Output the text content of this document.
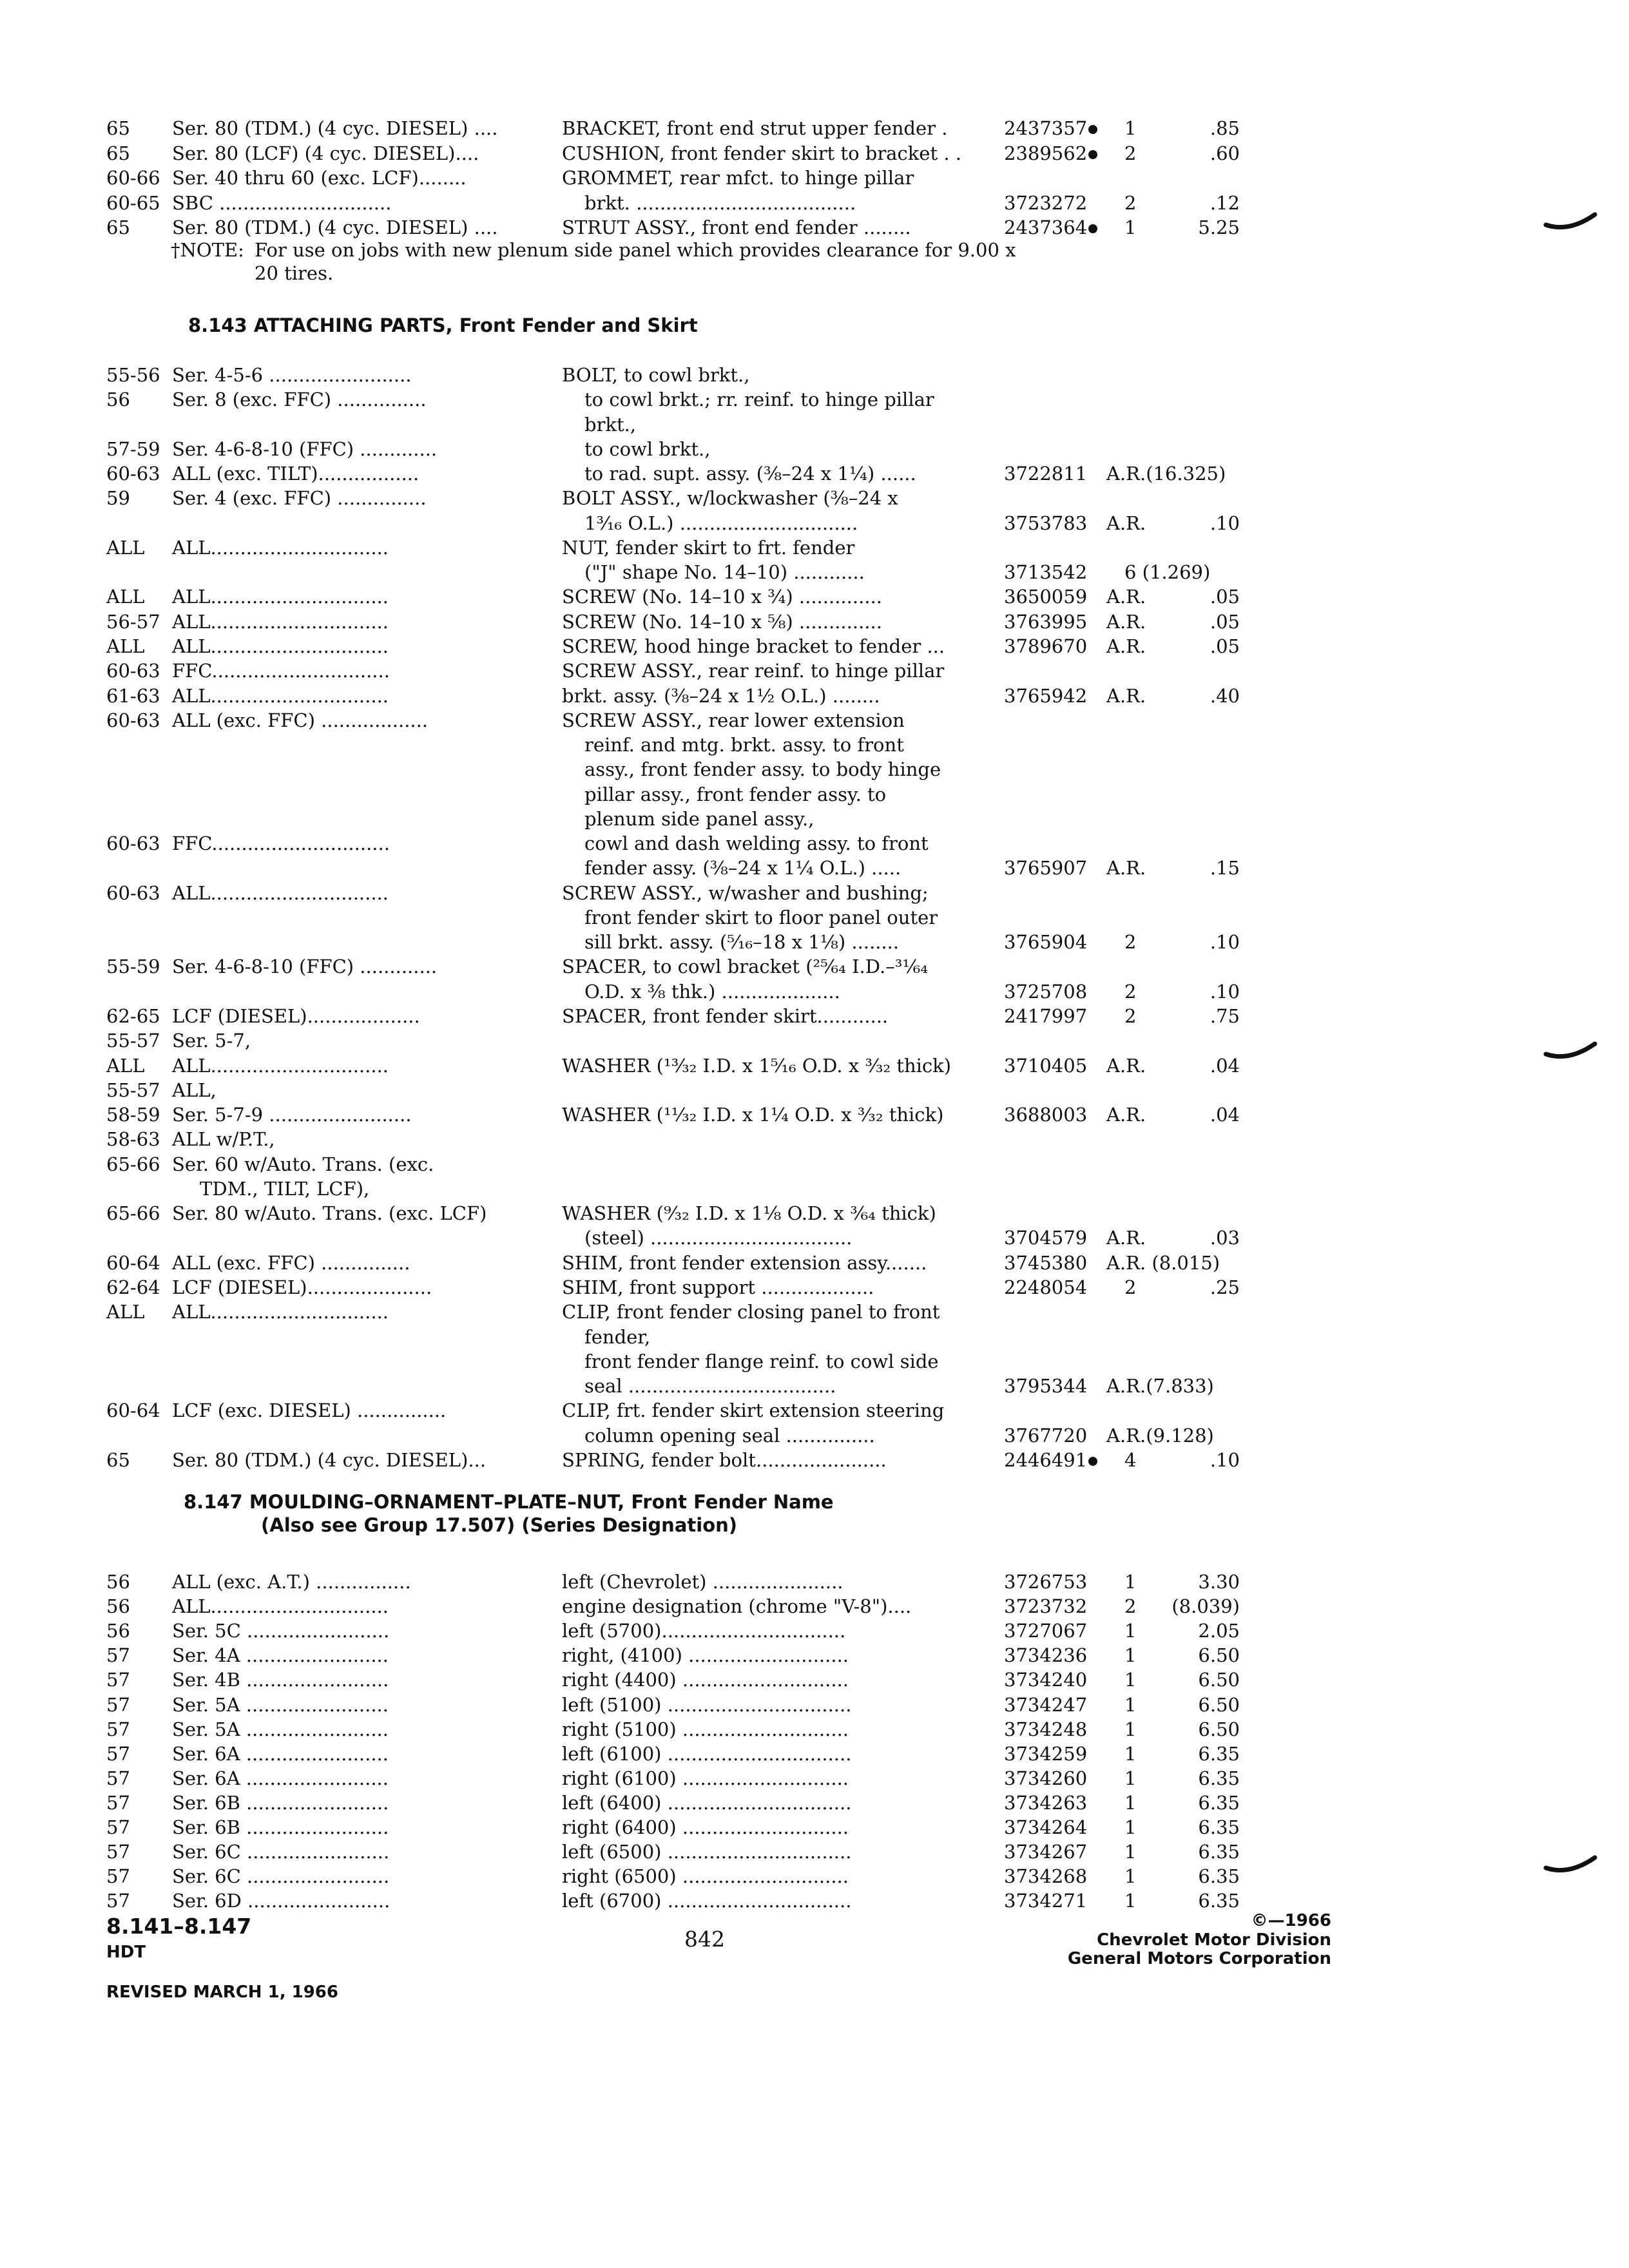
65 Ser. 80 (TDM.) (4 cyc. DIESEL) ....	BRACKET, front end strut upper fender .	2437357	1	.85
65 Ser. 80 (LCF) (4 cyc. DIESEL)....	CUSHION, front fender skirt to bracket . . 2389562	2	.60
60-66 Ser. 40 thru 60 (exc. LCF)........	GROMMET, rear mfct. to hinge pillar
60-65 SBC .............................	brkt. .....................................	3723272 2	.12
65 Ser. 80 (TDM.) (4 cyc. DIESEL) ....	STRUT ASSY., front end fender ........	2437364	1	5.25
†NOTE: For use on jobs with new plenum side panel which provides clearance for 9.00 x
20 tires.
8.143 ATTACHING PARTS, Front Fender and Skirt
55-56 Ser. 4-5-6 ........................	BOLT, to cowl brkt.,
56 Ser. 8 (exc. FFC) ...............	to cowl brkt.; rr. reinf. to hinge pillar
brkt.,
57-59 Ser. 4-6-8-10 (FFC) .............	to cowl brkt.,
60-63 ALL (exc. TILT).................	to rad. supt. assy. (⅜–24 x 1¼) ......	3722811 A.R.(16.325)
59 Ser. 4 (exc. FFC) ...............	BOLT ASSY., w/lockwasher (⅜–24 x
1³⁄₁₆ O.L.) ..............................	3753783 A.R.	.10
ALL ALL..............................	NUT, fender skirt to frt. fender
("J" shape No. 14–10) ............	3713542 6 (1.269)
ALL ALL..............................	SCREW (No. 14–10 x ¾) ..............	3650059 A.R.	.05
56-57 ALL..............................	SCREW (No. 14–10 x ⅝) ..............	3763995 A.R.	.05
ALL ALL..............................	SCREW, hood hinge bracket to fender ...	3789670 A.R.	.05
60-63 FFC..............................	SCREW ASSY., rear reinf. to hinge pillar
61-63 ALL..............................	brkt. assy. (⅜–24 x 1½ O.L.) ........	3765942 A.R.	.40
60-63 ALL (exc. FFC) ..................	SCREW ASSY., rear lower extension
reinf. and mtg. brkt. assy. to front
assy., front fender assy. to body hinge
pillar assy., front fender assy. to
plenum side panel assy.,
60-63 FFC..............................	cowl and dash welding assy. to front
fender assy. (⅜–24 x 1¼ O.L.) .....	3765907 A.R.	.15
60-63 ALL..............................	SCREW ASSY., w/washer and bushing;
front fender skirt to floor panel outer
sill brkt. assy. (⁵⁄₁₆–18 x 1⅛) ........	3765904 2	.10
55-59 Ser. 4-6-8-10 (FFC) .............	SPACER, to cowl bracket (²⁵⁄₆₄ I.D.–³¹⁄₆₄
O.D. x ⅜ thk.) ....................	3725708 2	.10
62-65 LCF (DIESEL)...................	SPACER, front fender skirt............	2417997 2	.75
55-57 Ser. 5-7,
ALL ALL..............................	WASHER (¹³⁄₃₂ I.D. x 1⁵⁄₁₆ O.D. x ³⁄₃₂ thick)	3710405 A.R.	.04
55-57 ALL,
58-59 Ser. 5-7-9 ........................	WASHER (¹¹⁄₃₂ I.D. x 1¼ O.D. x ³⁄₃₂ thick)	3688003 A.R.	.04
58-63 ALL w/P.T.,
65-66 Ser. 60 w/Auto. Trans. (exc.
TDM., TILT, LCF),
65-66 Ser. 80 w/Auto. Trans. (exc. LCF)	WASHER (⁹⁄₃₂ I.D. x 1⅛ O.D. x ³⁄₆₄ thick)
(steel) ..................................	3704579 A.R.	.03
60-64 ALL (exc. FFC) ...............	SHIM, front fender extension assy.......	3745380 A.R. (8.015)
62-64 LCF (DIESEL).....................	SHIM, front support ...................	2248054 2	.25
ALL ALL..............................	CLIP, front fender closing panel to front
fender,
front fender flange reinf. to cowl side
seal ...................................	3795344 A.R.(7.833)
60-64 LCF (exc. DIESEL) ...............	CLIP, frt. fender skirt extension steering
column opening seal ...............	3767720 A.R.(9.128)
65 Ser. 80 (TDM.) (4 cyc. DIESEL)...	SPRING, fender bolt......................	2446491	4	.10
8.147 MOULDING–ORNAMENT–PLATE–NUT, Front Fender Name
(Also see Group 17.507) (Series Designation)
56 ALL (exc. A.T.) ................	left (Chevrolet) ......................	3726753 1	3.30
56 ALL..............................	engine designation (chrome "V-8")....	3723732 2 (8.039)
56 Ser. 5C ........................	left (5700)...............................	3727067 1	2.05
57 Ser. 4A ........................	right, (4100) ...........................	3734236 1	6.50
57 Ser. 4B ........................	right (4400) ............................	3734240 1	6.50
57 Ser. 5A ........................	left (5100) ...............................	3734247 1	6.50
57 Ser. 5A ........................	right (5100) ............................	3734248 1	6.50
57 Ser. 6A ........................	left (6100) ...............................	3734259 1	6.35
57 Ser. 6A ........................	right (6100) ............................	3734260 1	6.35
57 Ser. 6B ........................	left (6400) ...............................	3734263 1	6.35
57 Ser. 6B ........................	right (6400) ............................	3734264 1	6.35
57 Ser. 6C ........................	left (6500) ...............................	3734267 1	6.35
57 Ser. 6C ........................	right (6500) ............................	3734268 1	6.35
57 Ser. 6D ........................	left (6700) ...............................	3734271 1	6.35
8.141–8.147
HDT
REVISED MARCH 1, 1966
842
©—1966
Chevrolet Motor Division
General Motors Corporation
